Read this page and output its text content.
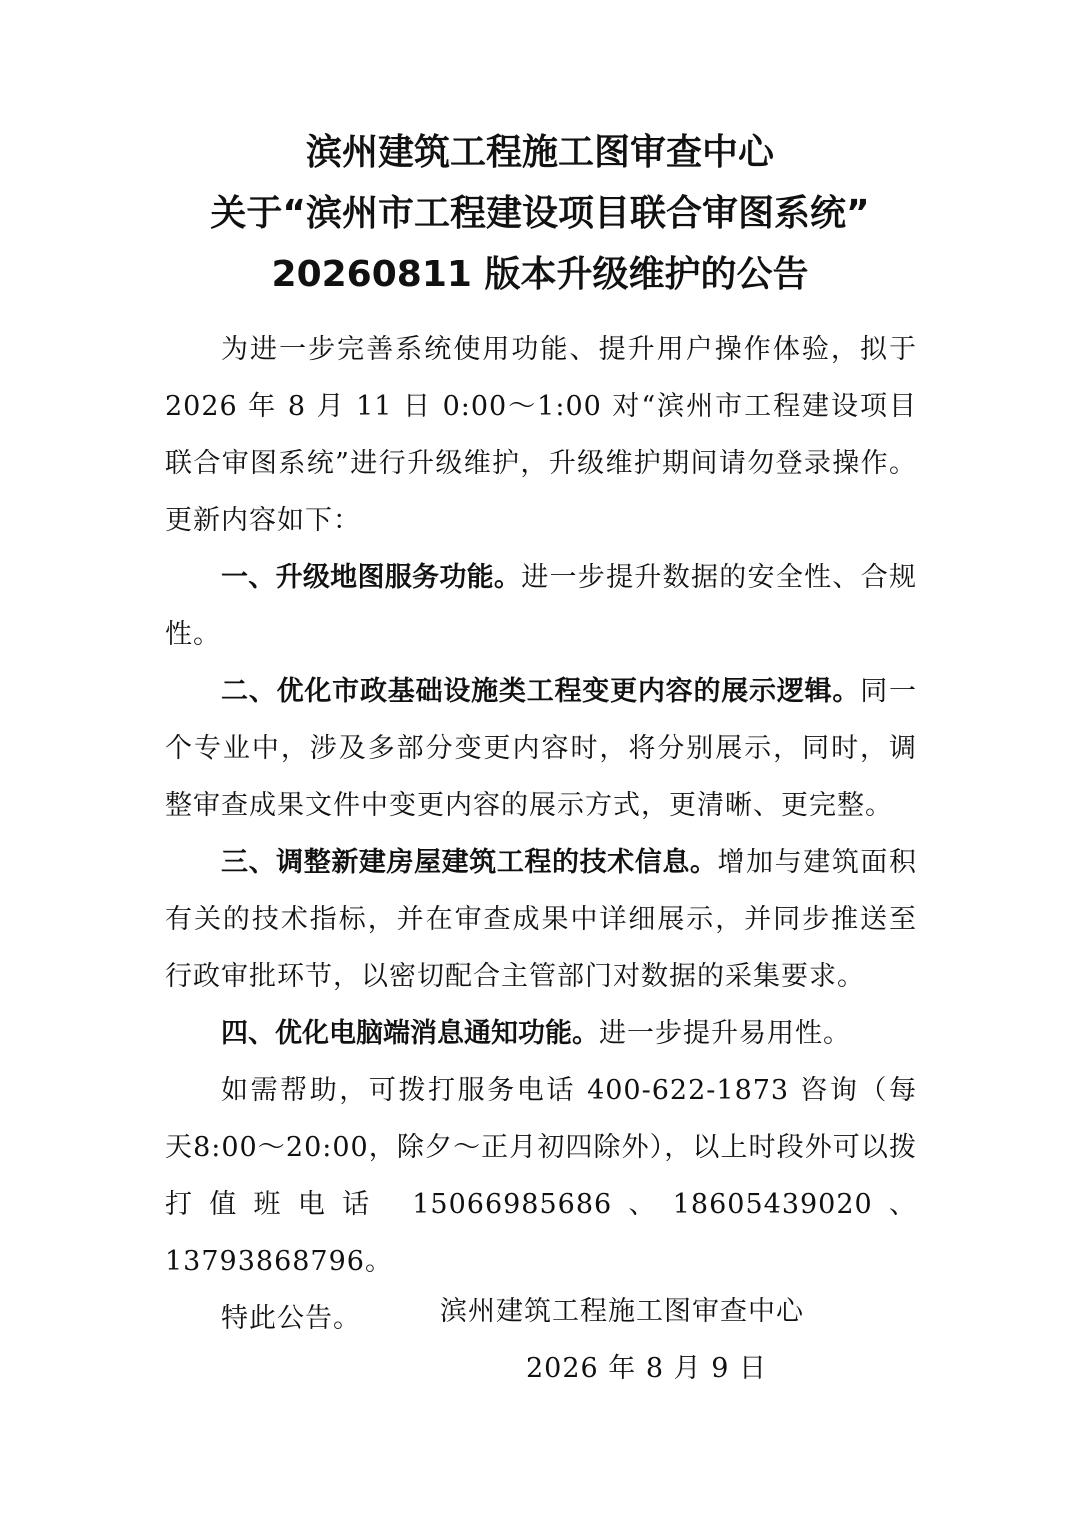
滨州建筑工程施工图审查中心
关于“滨州市工程建设项目联合审图系统”
20260811 版本升级维护的公告

为进一步完善系统使用功能、提升用户操作体验，拟于2026 年 8 月 11 日 0:00～1:00 对“滨州市工程建设项目联合审图系统”进行升级维护，升级维护期间请勿登录操作。更新内容如下：

一、升级地图服务功能。进一步提升数据的安全性、合规性。

二、优化市政基础设施类工程变更内容的展示逻辑。同一个专业中，涉及多部分变更内容时，将分别展示，同时，调整审查成果文件中变更内容的展示方式，更清晰、更完整。

三、调整新建房屋建筑工程的技术信息。增加与建筑面积有关的技术指标，并在审查成果中详细展示，并同步推送至行政审批环节，以密切配合主管部门对数据的采集要求。

四、优化电脑端消息通知功能。进一步提升易用性。

如需帮助，可拨打服务电话 400-622-1873 咨询（每天8:00～20:00，除夕～正月初四除外），以上时段外可以拨打值班电话 15066985686、18605439020、13793868796。

特此公告。	滨州建筑工程施工图审查中心
2026 年 8 月 9 日
